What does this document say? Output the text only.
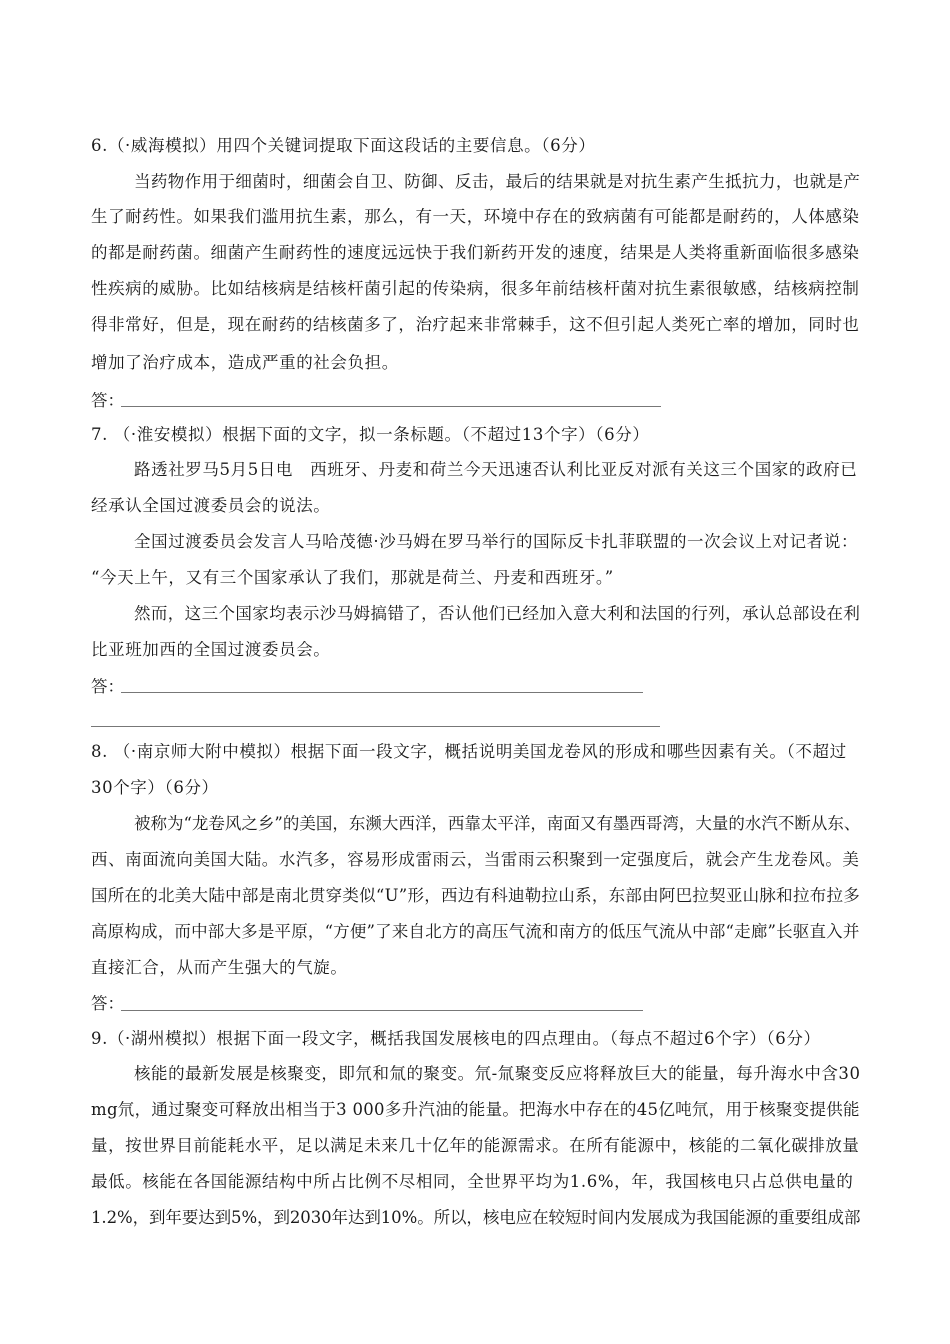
6.（·威海模拟）用四个关键词提取下面这段话的主要信息。（6分）
当药物作用于细菌时，细菌会自卫、防御、反击，最后的结果就是对抗生素产生抵抗力，也就是产
生了耐药性。如果我们滥用抗生素，那么，有一天，环境中存在的致病菌有可能都是耐药的，人体感染
的都是耐药菌。细菌产生耐药性的速度远远快于我们新药开发的速度，结果是人类将重新面临很多感染
性疾病的威胁。比如结核病是结核杆菌引起的传染病，很多年前结核杆菌对抗生素很敏感，结核病控制
得非常好，但是，现在耐药的结核菌多了，治疗起来非常棘手，这不但引起人类死亡率的增加，同时也
增加了治疗成本，造成严重的社会负担。
答：
7. （·淮安模拟）根据下面的文字，拟一条标题。（不超过13个字）（6分）
路透社罗马5月5日电　西班牙、丹麦和荷兰今天迅速否认利比亚反对派有关这三个国家的政府已
经承认全国过渡委员会的说法。
全国过渡委员会发言人马哈茂德·沙马姆在罗马举行的国际反卡扎菲联盟的一次会议上对记者说：
“今天上午，又有三个国家承认了我们，那就是荷兰、丹麦和西班牙。”
然而，这三个国家均表示沙马姆搞错了，否认他们已经加入意大利和法国的行列，承认总部设在利
比亚班加西的全国过渡委员会。
答：
8. （·南京师大附中模拟）根据下面一段文字，概括说明美国龙卷风的形成和哪些因素有关。（不超过
30个字）（6分）
被称为“龙卷风之乡”的美国，东濒大西洋，西靠太平洋，南面又有墨西哥湾，大量的水汽不断从东、
西、南面流向美国大陆。水汽多，容易形成雷雨云，当雷雨云积聚到一定强度后，就会产生龙卷风。美
国所在的北美大陆中部是南北贯穿类似“U”形，西边有科迪勒拉山系，东部由阿巴拉契亚山脉和拉布拉多
高原构成，而中部大多是平原，“方便”了来自北方的高压气流和南方的低压气流从中部“走廊”长驱直入并
直接汇合，从而产生强大的气旋。
答：
9.（·湖州模拟）根据下面一段文字，概括我国发展核电的四点理由。（每点不超过6个字）（6分）
核能的最新发展是核聚变，即氘和氚的聚变。氘-氚聚变反应将释放巨大的能量，每升海水中含30
mg氘，通过聚变可释放出相当于3 000多升汽油的能量。把海水中存在的45亿吨氘，用于核聚变提供能
量，按世界目前能耗水平，足以满足未来几十亿年的能源需求。在所有能源中，核能的二氧化碳排放量
最低。核能在各国能源结构中所占比例不尽相同，全世界平均为1.6%，年，我国核电只占总供电量的
1.2%，到年要达到5%，到2030年达到10%。所以，核电应在较短时间内发展成为我国能源的重要组成部
